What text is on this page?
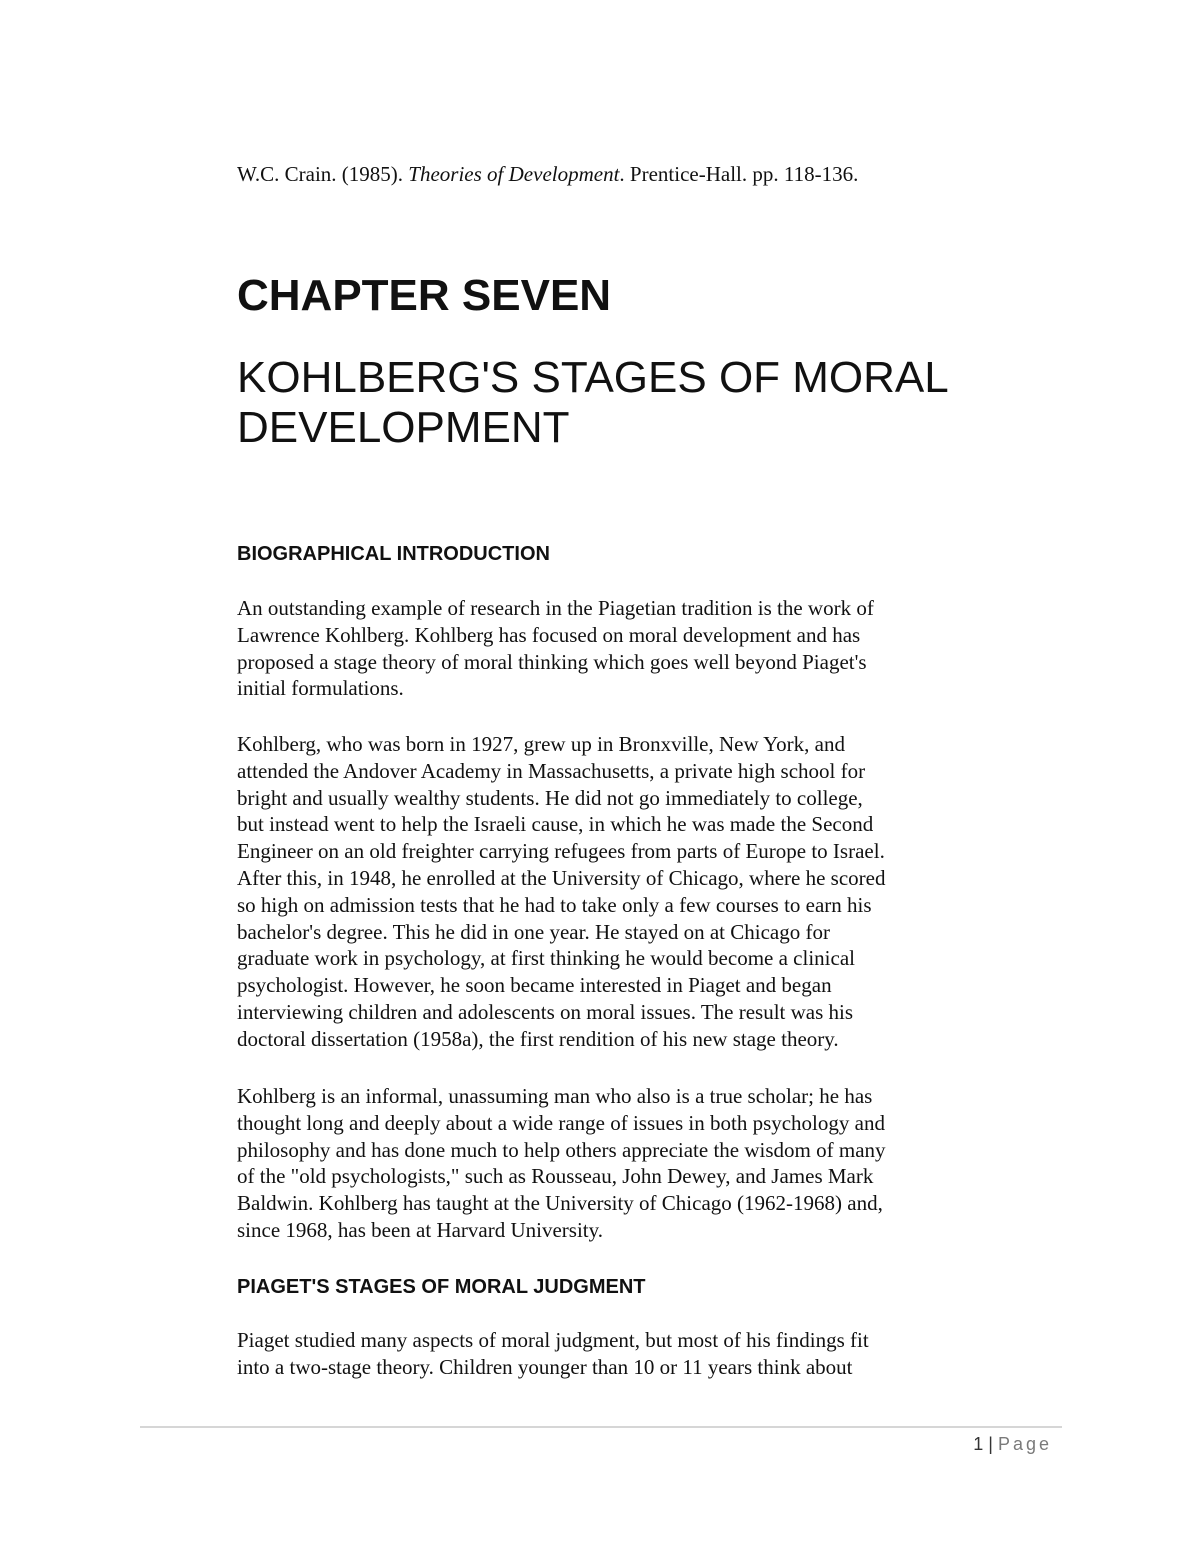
W.C. Crain. (1985). Theories of Development. Prentice-Hall. pp. 118-136.
CHAPTER SEVEN
KOHLBERG'S STAGES OF MORAL DEVELOPMENT
BIOGRAPHICAL INTRODUCTION

An outstanding example of research in the Piagetian tradition is the work of
Lawrence Kohlberg. Kohlberg has focused on moral development and has
proposed a stage theory of moral thinking which goes well beyond Piaget's
initial formulations.

Kohlberg, who was born in 1927, grew up in Bronxville, New York, and
attended the Andover Academy in Massachusetts, a private high school for
bright and usually wealthy students. He did not go immediately to college,
but instead went to help the Israeli cause, in which he was made the Second
Engineer on an old freighter carrying refugees from parts of Europe to Israel.
After this, in 1948, he enrolled at the University of Chicago, where he scored
so high on admission tests that he had to take only a few courses to earn his
bachelor's degree. This he did in one year. He stayed on at Chicago for
graduate work in psychology, at first thinking he would become a clinical
psychologist. However, he soon became interested in Piaget and began
interviewing children and adolescents on moral issues. The result was his
doctoral dissertation (1958a), the first rendition of his new stage theory.

Kohlberg is an informal, unassuming man who also is a true scholar; he has
thought long and deeply about a wide range of issues in both psychology and
philosophy and has done much to help others appreciate the wisdom of many
of the "old psychologists," such as Rousseau, John Dewey, and James Mark
Baldwin. Kohlberg has taught at the University of Chicago (1962-1968) and,
since 1968, has been at Harvard University.

PIAGET'S STAGES OF MORAL JUDGMENT

Piaget studied many aspects of moral judgment, but most of his findings fit
into a two-stage theory. Children younger than 10 or 11 years think about

1 | Page
